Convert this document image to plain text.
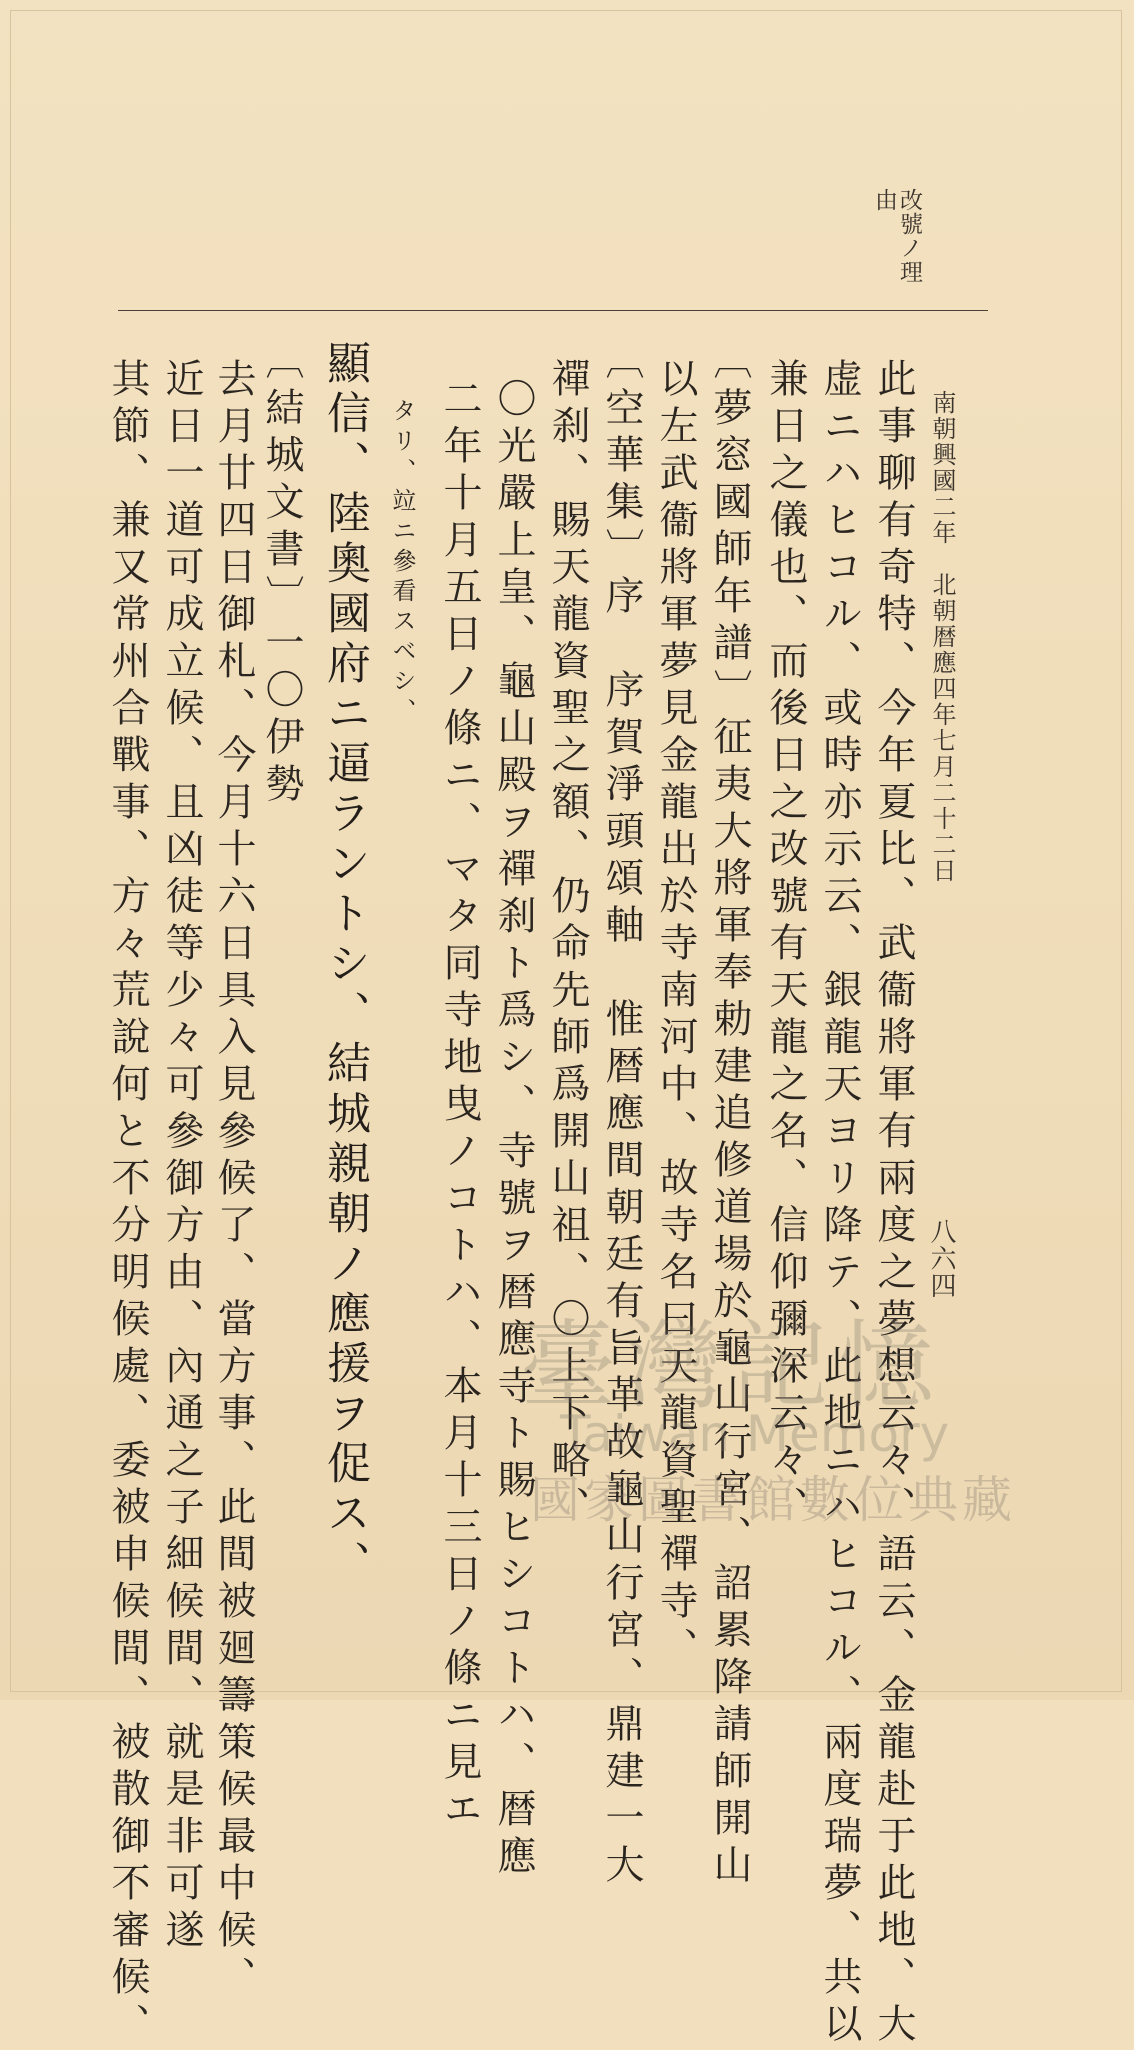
改號ノ理
由
南朝興國二年　北朝暦應四年七月二十二日
此事聊有奇特、今年夏比、武衞將軍有兩度之夢想云々、語云、金龍赴于此地、大
虚ニハヒコル、或時亦示云、銀龍天ヨリ降テ、此地ニハヒコル、兩度瑞夢、共以
兼日之儀也、而後日之改號有天龍之名、信仰彌深云々、
〔夢窓國師年譜〕征夷大將軍奉勅建追修道場於龜山行宮、詔累降請師開山
以左武衞將軍夢見金龍出於寺南河中、故寺名曰天龍資聖禪寺、
〔空華集〕序　序賀淨頭頌軸　惟暦應間朝廷有旨革故龜山行宮、鼎建一大
禪刹、賜天龍資聖之額、仍命先師爲開山祖、〇上下略、
〇光嚴上皇、龜山殿ヲ禪刹ト爲シ、寺號ヲ暦應寺ト賜ヒシコトハ、暦應
二年十月五日ノ條ニ、マタ同寺地曳ノコトハ、本月十三日ノ條ニ見エ
タリ、竝ニ參看スベシ、
顯信、陸奧國府ニ逼ラントシ、結城親朝ノ應援ヲ促ス、
〔結城文書〕一〇伊勢
去月廿四日御札、今月十六日具入見參候了、當方事、此間被廻籌策候最中候、
近日一道可成立候、且凶徒等少々可參御方由、內通之子細候間、就是非可遂
其節、兼又常州合戰事、方々荒說何と不分明候處、委被申候間、被散御不審候、	八六四
臺灣記憶
Taiwan Memory
國家圖書館數位典藏
